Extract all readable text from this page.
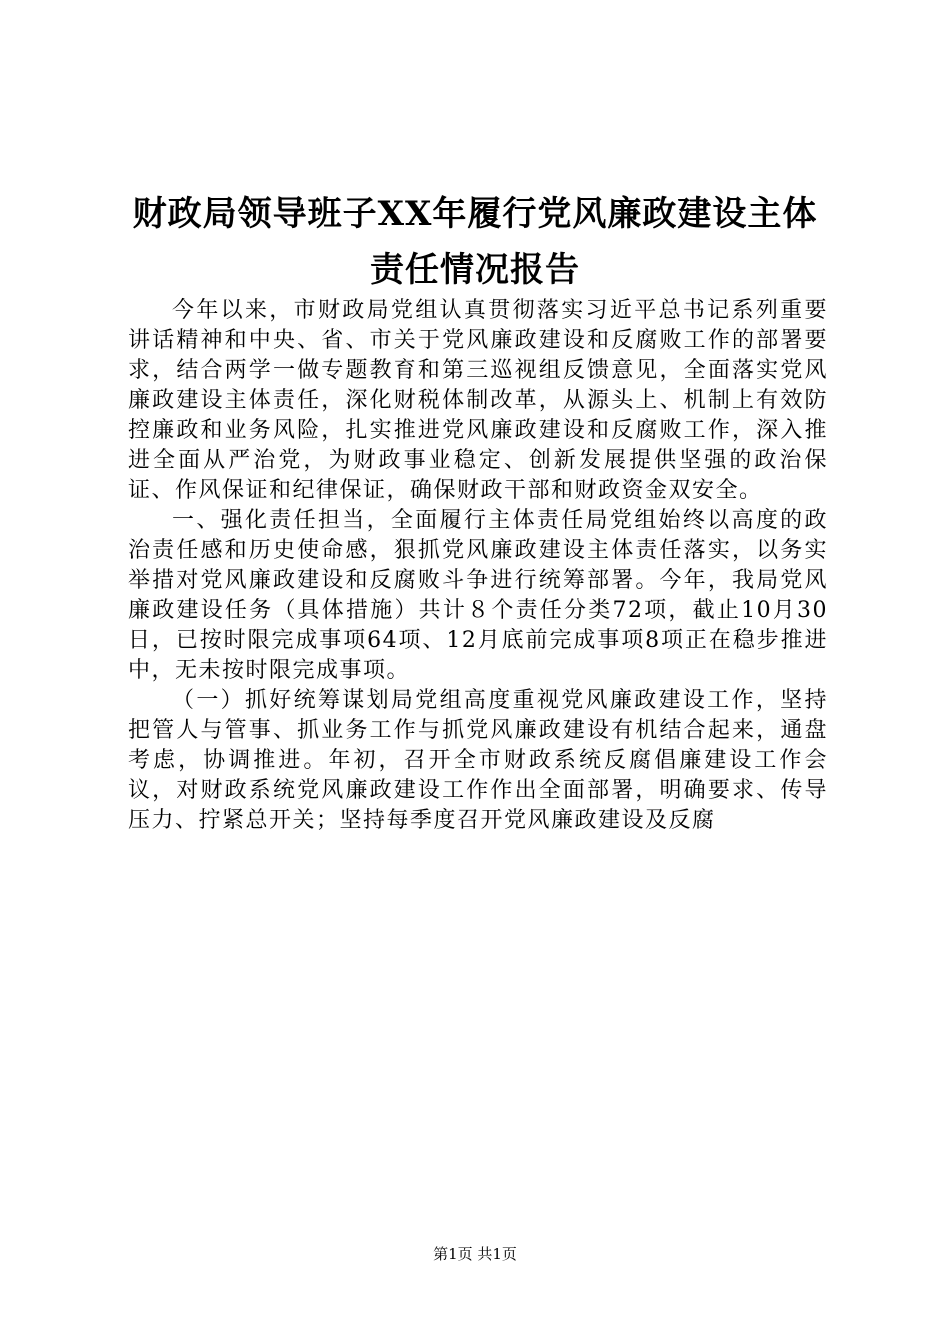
财政局领导班子XX年履行党风廉政建设主体责任情况报告

今年以来，市财政局党组认真贯彻落实习近平总书记系列重要讲话精神和中央、省、市关于党风廉政建设和反腐败工作的部署要求，结合两学一做专题教育和第三巡视组反馈意见，全面落实党风廉政建设主体责任，深化财税体制改革，从源头上、机制上有效防控廉政和业务风险，扎实推进党风廉政建设和反腐败工作，深入推进全面从严治党，为财政事业稳定、创新发展提供坚强的政治保证、作风保证和纪律保证，确保财政干部和财政资金双安全。

一、强化责任担当，全面履行主体责任局党组始终以高度的政治责任感和历史使命感，狠抓党风廉政建设主体责任落实，以务实举措对党风廉政建设和反腐败斗争进行统筹部署。今年，我局党风廉政建设任务（具体措施）共计８个责任分类72项，截止10月30日，已按时限完成事项64项、12月底前完成事项8项正在稳步推进中，无未按时限完成事项。

（一）抓好统筹谋划局党组高度重视党风廉政建设工作，坚持把管人与管事、抓业务工作与抓党风廉政建设有机结合起来，通盘考虑，协调推进。年初，召开全市财政系统反腐倡廉建设工作会议，对财政系统党风廉政建设工作作出全面部署，明确要求、传导压力、拧紧总开关；坚持每季度召开党风廉政建设及反腐

第1页 共1页
